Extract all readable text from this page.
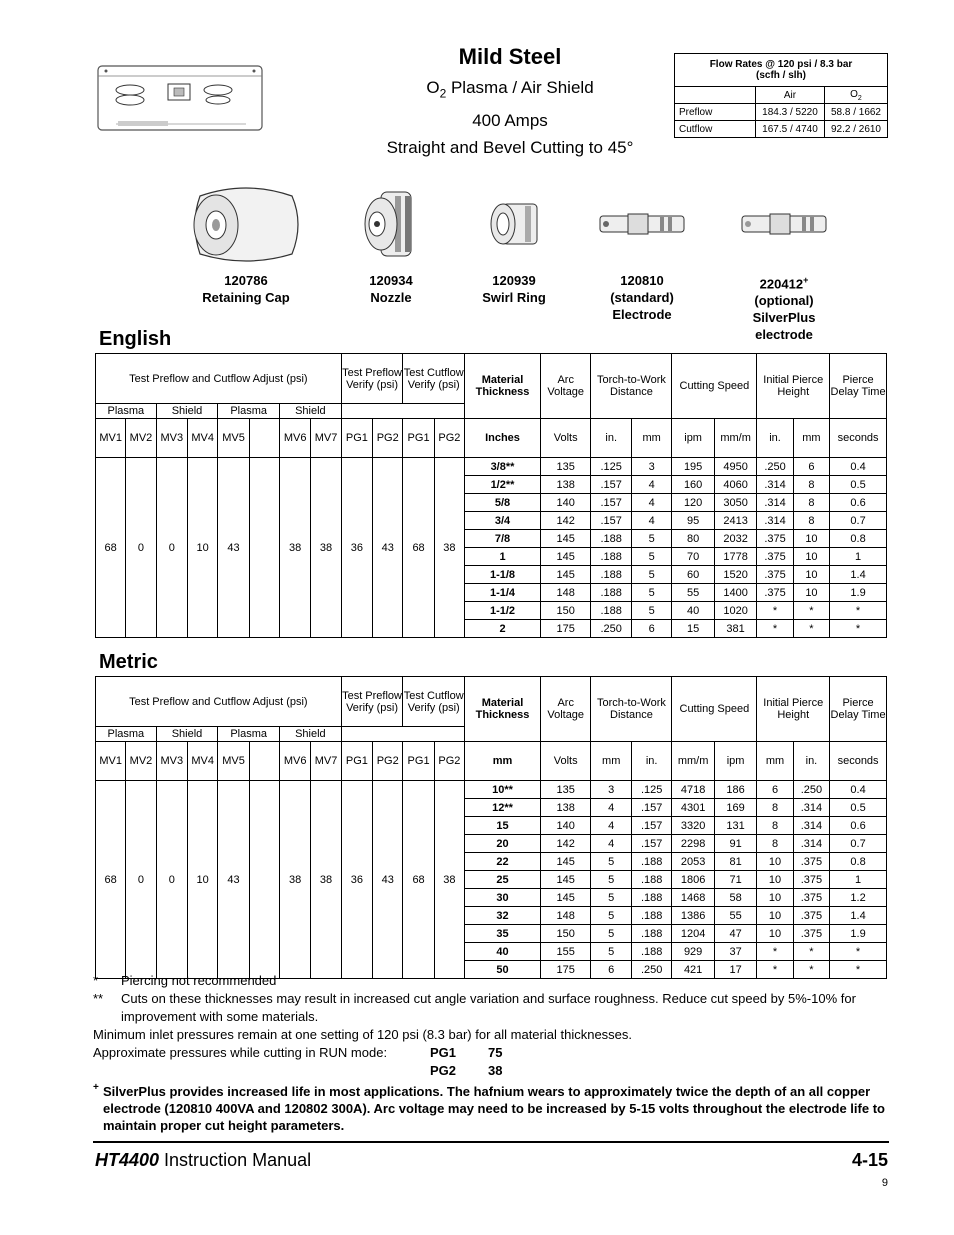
Mild Steel
$O_2$ Plasma / Air Shield
400 Amps
Straight and Bevel Cutting to 45°
Flow Rates @ 120 psi / 8.3 bar
(scfh / slh)		
	Air	$O_2$
Preflow	184.3 / 5220	58.8 / 1662
Cutflow	167.5 / 4740	92.2 / 2610
120786
Retaining Cap
120934
Nozzle
120939
Swirl Ring
120810
(standard)
Electrode
220412+
(optional)
SilverPlus
electrode
English
Test Preflow and Cutflow Adjust (psi)								Test Preflow Verify (psi)		Test Cutflow Verify (psi)		Material Thickness	Arc Voltage	Torch-to-Work Distance		Cutting Speed		Initial Pierce Height		Pierce Delay Time
Plasma		Shield		Plasma		Shield														
MV1	MV2	MV3	MV4	MV5		MV6	MV7	PG1	PG2	PG1	PG2	Inches	Volts	in.	mm	ipm	mm/m	in.	mm	seconds
68	0	0	10	43		38	38	36	43	68	38	3/8**	135	.125	3	195	4950	.250	6	0.4
												1/2**	138	.157	4	160	4060	.314	8	0.5
												5/8	140	.157	4	120	3050	.314	8	0.6
												3/4	142	.157	4	95	2413	.314	8	0.7
												7/8	145	.188	5	80	2032	.375	10	0.8
												1	145	.188	5	70	1778	.375	10	1
												1-1/8	145	.188	5	60	1520	.375	10	1.4
												1-1/4	148	.188	5	55	1400	.375	10	1.9
												1-1/2	150	.188	5	40	1020	*	*	*
												2	175	.250	6	15	381	*	*	*
Metric
Test Preflow and Cutflow Adjust (psi)								Test Preflow Verify (psi)		Test Cutflow Verify (psi)		Material Thickness	Arc Voltage	Torch-to-Work Distance		Cutting Speed		Initial Pierce Height		Pierce Delay Time
Plasma		Shield		Plasma		Shield														
MV1	MV2	MV3	MV4	MV5		MV6	MV7	PG1	PG2	PG1	PG2	mm	Volts	mm	in.	mm/m	ipm	mm	in.	seconds
68	0	0	10	43		38	38	36	43	68	38	10**	135	3	.125	4718	186	6	.250	0.4
												12**	138	4	.157	4301	169	8	.314	0.5
												15	140	4	.157	3320	131	8	.314	0.6
												20	142	4	.157	2298	91	8	.314	0.7
												22	145	5	.188	2053	81	10	.375	0.8
												25	145	5	.188	1806	71	10	.375	1
												30	145	5	.188	1468	58	10	.375	1.2
												32	148	5	.188	1386	55	10	.375	1.4
												35	150	5	.188	1204	47	10	.375	1.9
												40	155	5	.188	929	37	*	*	*
												50	175	6	.250	421	17	*	*	*
*	Piercing not recommended
**	Cuts on these thicknesses may result in increased cut angle variation and surface roughness. Reduce cut speed by 5%-10% for improvement with some materials.
Minimum inlet pressures remain at one setting of 120 psi (8.3 bar) for all material thicknesses.
Approximate pressures while cutting in RUN mode:	PG1	75
PG2	38
+ SilverPlus provides increased life in most applications. The hafnium wears to approximately twice the depth of an all copper electrode (120810 400VA and 120802 300A). Arc voltage may need to be increased by 5-15 volts throughout the electrode life to maintain proper cut height parameters.
HT4400 Instruction Manual	4-15
9
